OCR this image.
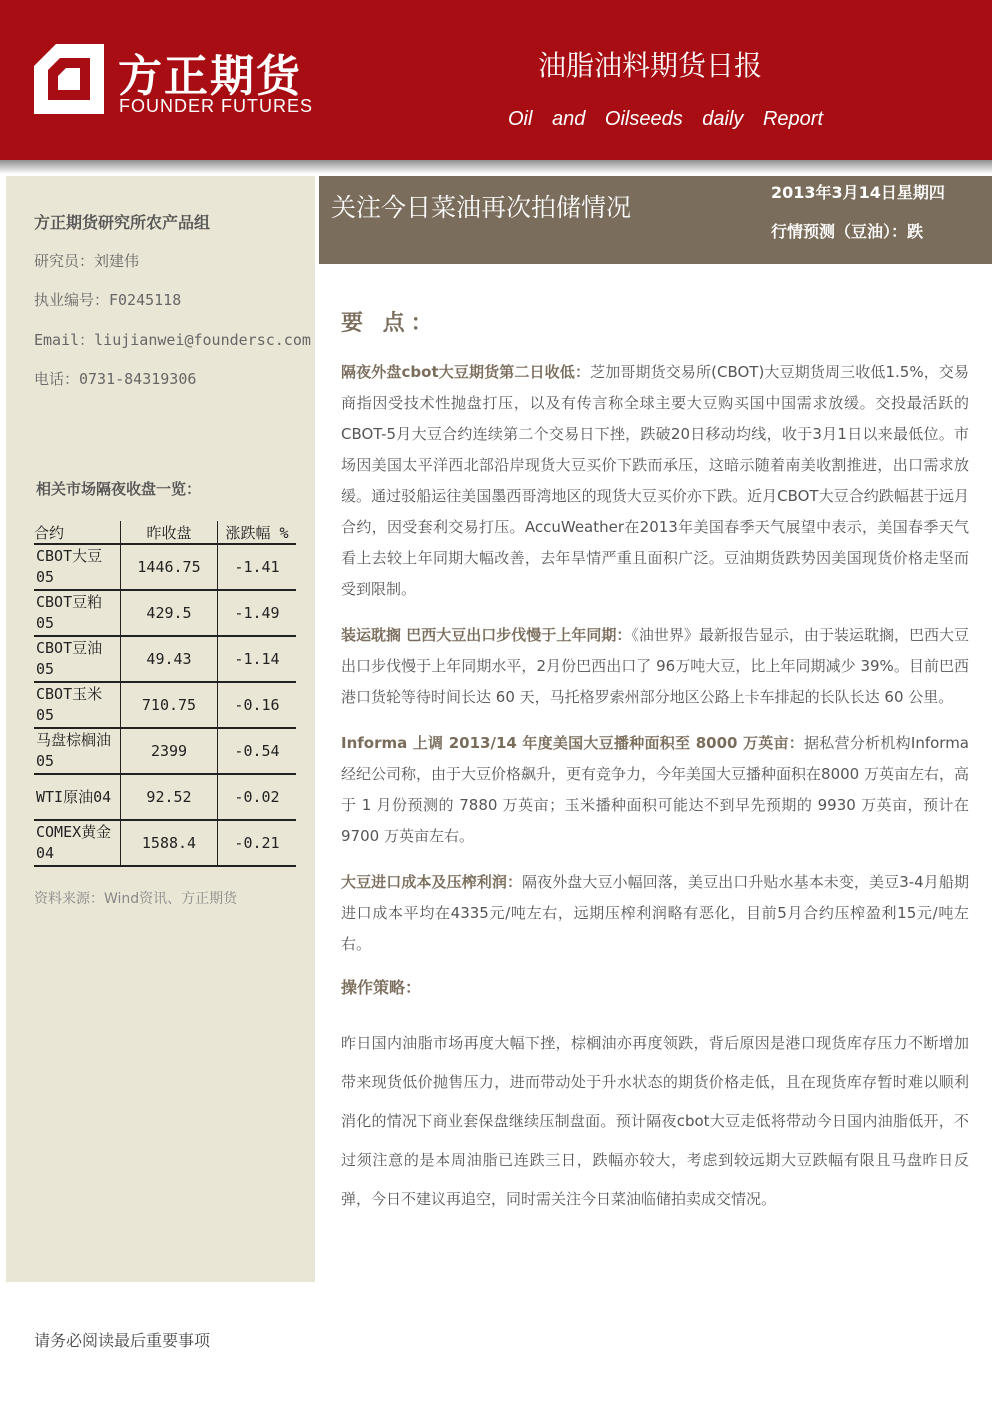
方正期货
FOUNDER FUTURES
油脂油料期货日报
Oil and Oilseeds daily Report
方正期货研究所农产品组
研究员：刘建伟
执业编号：F0245118
Email：liujianwei@foundersc.com
电话：0731-84319306
相关市场隔夜收盘一览：
合约	昨收盘	涨跌幅 %
CBOT大豆05	1446.75	-1.41
CBOT豆粕05	429.5	-1.49
CBOT豆油05	49.43	-1.14
CBOT玉米05	710.75	-0.16
马盘棕榈油05	2399	-0.54
WTI原油04	92.52	-0.02
COMEX黄金04	1588.4	-0.21
资料来源：Wind资讯、方正期货
关注今日菜油再次拍储情况
2013年3月14日星期四
行情预测（豆油）：跌
要 点：

隔夜外盘cbot大豆期货第二日收低：芝加哥期货交易所(CBOT)大豆期货周三收低1.5%，交易商指因受技术性抛盘打压，以及有传言称全球主要大豆购买国中国需求放缓。交投最活跃的CBOT-5月大豆合约连续第二个交易日下挫，跌破20日移动均线，收于3月1日以来最低位。市场因美国太平洋西北部沿岸现货大豆买价下跌而承压，这暗示随着南美收割推进，出口需求放缓。通过驳船运往美国墨西哥湾地区的现货大豆买价亦下跌。近月CBOT大豆合约跌幅甚于远月合约，因受套利交易打压。AccuWeather在2013年美国春季天气展望中表示，美国春季天气看上去较上年同期大幅改善，去年旱情严重且面积广泛。豆油期货跌势因美国现货价格走坚而受到限制。

装运耽搁 巴西大豆出口步伐慢于上年同期：《油世界》最新报告显示，由于装运耽搁，巴西大豆出口步伐慢于上年同期水平，2月份巴西出口了 96万吨大豆，比上年同期减少 39%。目前巴西港口货轮等待时间长达 60 天，马托格罗索州部分地区公路上卡车排起的长队长达 60 公里。

Informa 上调 2013/14 年度美国大豆播种面积至 8000 万英亩：据私营分析机构Informa 经纪公司称，由于大豆价格飙升，更有竞争力，今年美国大豆播种面积在8000 万英亩左右，高于 1 月份预测的 7880 万英亩；玉米播种面积可能达不到早先预期的 9930 万英亩，预计在 9700 万英亩左右。

大豆进口成本及压榨利润：隔夜外盘大豆小幅回落，美豆出口升贴水基本未变，美豆3-4月船期进口成本平均在4335元/吨左右，远期压榨利润略有恶化，目前5月合约压榨盈利15元/吨左右。

操作策略：

昨日国内油脂市场再度大幅下挫，棕榈油亦再度领跌，背后原因是港口现货库存压力不断增加带来现货低价抛售压力，进而带动处于升水状态的期货价格走低，且在现货库存暂时难以顺利消化的情况下商业套保盘继续压制盘面。预计隔夜cbot大豆走低将带动今日国内油脂低开，不过须注意的是本周油脂已连跌三日，跌幅亦较大，考虑到较远期大豆跌幅有限且马盘昨日反弹，今日不建议再追空，同时需关注今日菜油临储拍卖成交情况。

请务必阅读最后重要事项
